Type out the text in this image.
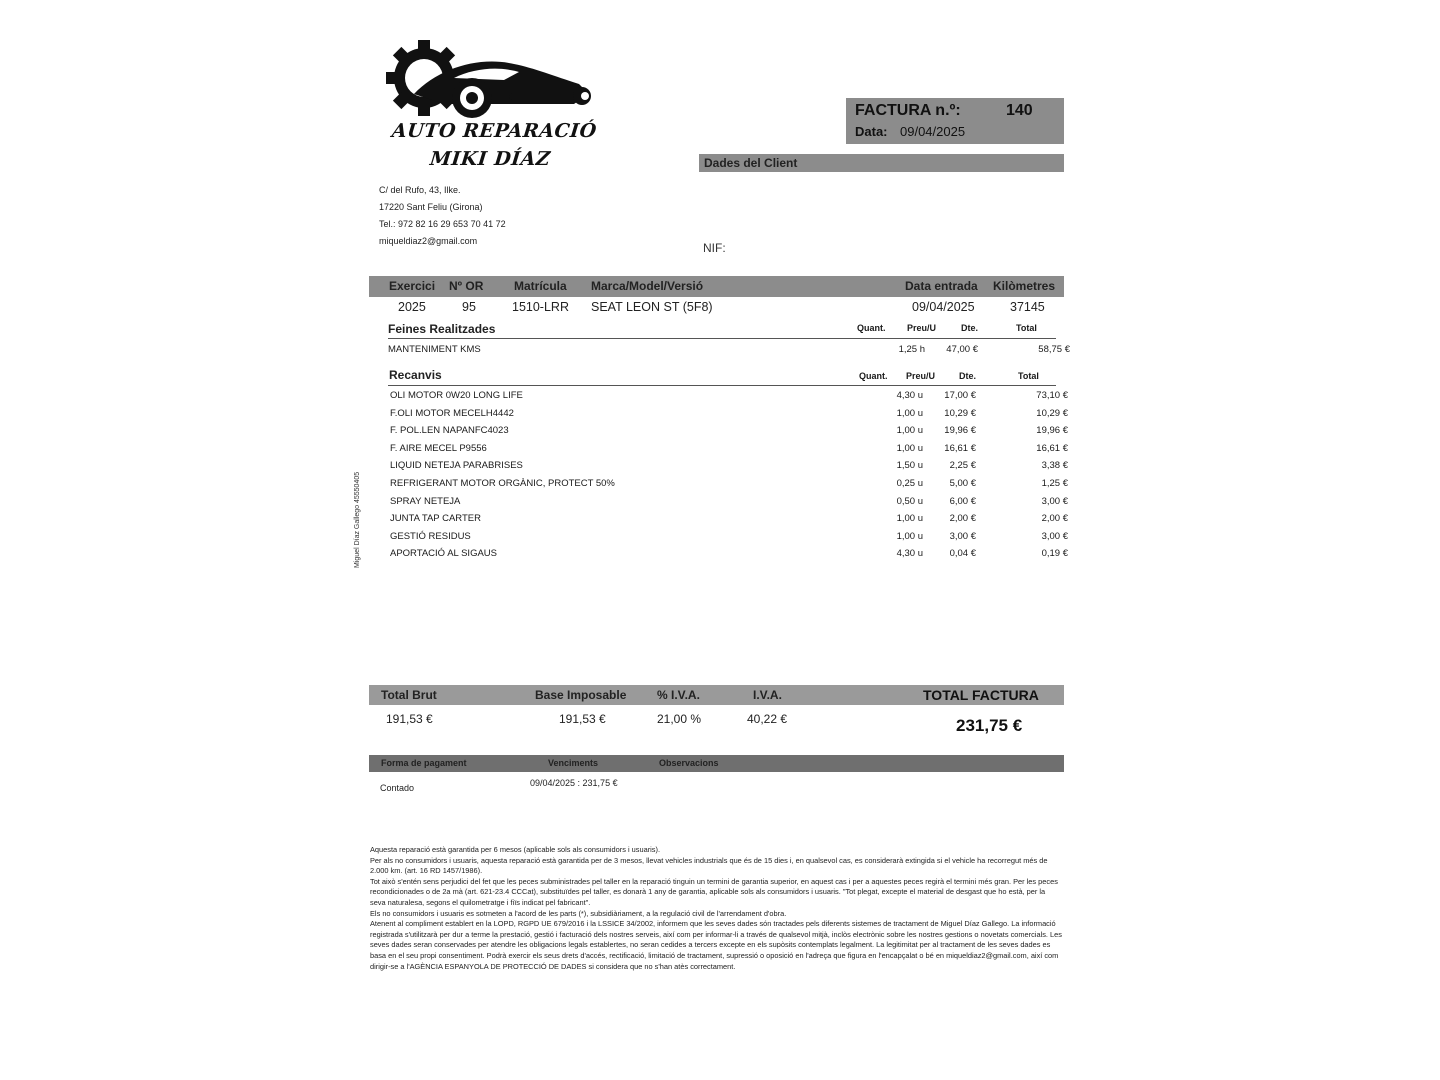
AUTO REPARACIÓ
MIKI DÍAZ
C/ del Rufo, 43, Ilke.
17220 Sant Feliu (Girona)
Tel.: 972 82 16 29 653 70 41 72
miqueldiaz2@gmail.com
FACTURA n.º:	140
Data: 09/04/2025
Dades del Client
NIF:
Miguel Díaz Gallego 45550405
Exercici Nº OR	Matrícula Marca/Model/Versió	Data entrada Kilòmetres
2025	95	1510-LRR SEAT LEON ST (5F8)	09/04/2025	37145
Feines Realitzades	Quant. Preu/U	Dte.	Total
MANTENIMENT KMS	1,25 h 47,00 €	58,75 €
Recanvis	Quant. Preu/U	Dte.	Total
OLI MOTOR 0W20 LONG LIFE	4,30 u 17,00 €	73,10 €
F.OLI MOTOR MECELH4442	1,00 u 10,29 €	10,29 €
F. POL.LEN NAPANFC4023	1,00 u 19,96 €	19,96 €
F. AIRE MECEL P9556	1,00 u 16,61 €	16,61 €
LIQUID NETEJA PARABRISES	1,50 u	2,25 €	3,38 €
REFRIGERANT MOTOR ORGÀNIC, PROTECT 50%	0,25 u	5,00 €	1,25 €
SPRAY NETEJA	0,50 u	6,00 €	3,00 €
JUNTA TAP CARTER	1,00 u	2,00 €	2,00 €
GESTIÓ RESIDUS	1,00 u	3,00 €	3,00 €
APORTACIÓ AL SIGAUS	4,30 u	0,04 €	0,19 €
Total Brut	Base Imposable	% I.V.A.	I.V.A.	TOTAL FACTURA
191,53 €	191,53 €	21,00 %	40,22 €	231,75 €
Forma de pagament	Venciments	Observacions
Contado	09/04/2025 : 231,75 €

Aquesta reparació està garantida per 6 mesos (aplicable sols als consumidors i usuaris).

Per als no consumidors i usuaris, aquesta reparació està garantida per de 3 mesos, llevat vehicles industrials que és de 15 dies i, en qualsevol cas, es considerarà extingida si el vehicle ha recorregut més de 2.000 km. (art. 16 RD 1457/1986).

Tot això s'entén sens perjudici del fet que les peces subministrades pel taller en la reparació tinguin un termini de garantia superior, en aquest cas i per a aquestes peces regirà el termini més gran. Per les peces recondicionades o de 2a mà (art. 621-23.4 CCCat), substituïdes pel taller, es donarà 1 any de garantia, aplicable sols als consumidors i usuaris. "Tot plegat, excepte el material de desgast que ho està, per la seva naturalesa, segons el quilometratge i fiïs indicat pel fabricant".

Els no consumidors i usuaris es sotmeten a l'acord de les parts (*), subsidiàriament, a la regulació civil de l'arrendament d'obra.

Atenent al compliment establert en la LOPD, RGPD UE 679/2016 i la LSSICE 34/2002, informem que les seves dades són tractades pels diferents sistemes de tractament de Miguel Díaz Gallego. La informació registrada s'utilitzarà per dur a terme la prestació, gestió i facturació dels nostres serveis, així com per informar-li a través de qualsevol mitjà, inclòs electrònic sobre les nostres gestions o novetats comercials. Les seves dades seran conservades per atendre les obligacions legals establertes, no seran cedides a tercers excepte en els supòsits contemplats legalment. La legitimitat per al tractament de les seves dades es basa en el seu propi consentiment. Podrà exercir els seus drets d'accés, rectificació, limitació de tractament, supressió o oposició en l'adreça que figura en l'encapçalat o bé en miqueldiaz2@gmail.com, així com dirigir-se a l'AGÈNCIA ESPANYOLA DE PROTECCIÓ DE DADES si considera que no s'han atès correctament.
